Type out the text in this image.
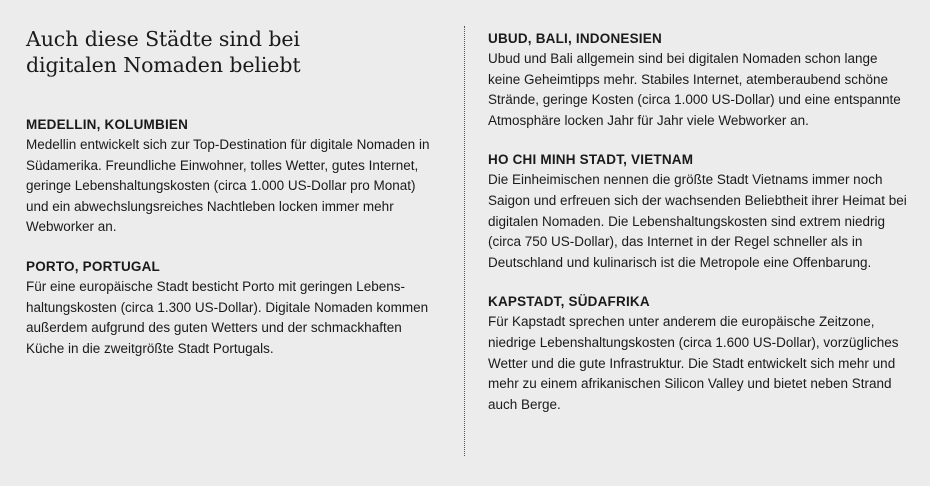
Auch diese Städte sind bei
digitalen Nomaden beliebt

MEDELLIN, KOLUMBIEN

Medellin entwickelt sich zur Top-Destination für digitale Nomaden in Südamerika. Freundliche Einwohner, tolles Wetter, gutes Internet, geringe Lebenshaltungskosten (circa 1.000 US-Dollar pro Monat) und ein abwechslungsreiches Nachtleben locken immer mehr Webworker an.

PORTO, PORTUGAL

Für eine europäische Stadt besticht Porto mit geringen Lebenshaltungskosten (circa 1.300 US-Dollar). Digitale Nomaden kommen außerdem aufgrund des guten Wetters und der schmackhaften Küche in die zweitgrößte Stadt Portugals.

UBUD, BALI, INDONESIEN

Ubud und Bali allgemein sind bei digitalen Nomaden schon lange keine Geheimtipps mehr. Stabiles Internet, atemberaubend schöne Strände, geringe Kosten (circa 1.000 US-Dollar) und eine entspannte Atmosphäre locken Jahr für Jahr viele Webworker an.

HO CHI MINH STADT, VIETNAM

Die Einheimischen nennen die größte Stadt Vietnams immer noch Saigon und erfreuen sich der wachsenden Beliebtheit ihrer Heimat bei digitalen Nomaden. Die Lebenshaltungskosten sind extrem niedrig (circa 750 US-Dollar), das Internet in der Regel schneller als in Deutschland und kulinarisch ist die Metropole eine Offenbarung.

KAPSTADT, SÜDAFRIKA

Für Kapstadt sprechen unter anderem die europäische Zeitzone, niedrige Lebenshaltungskosten (circa 1.600 US-Dollar), vorzügliches Wetter und die gute Infrastruktur. Die Stadt entwickelt sich mehr und mehr zu einem afrikanischen Silicon Valley und bietet neben Strand auch Berge.
